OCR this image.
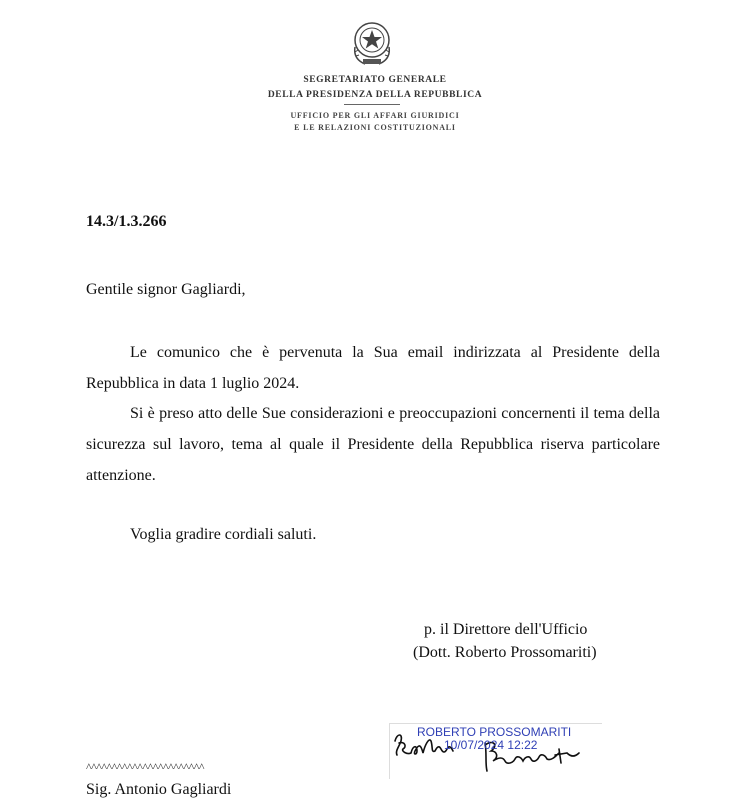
SEGRETARIATO GENERALE
DELLA PRESIDENZA DELLA REPUBBLICA
UFFICIO PER GLI AFFARI GIURIDICI
E LE RELAZIONI COSTITUZIONALI
14.3/1.3.266
Gentile signor Gagliardi,
Le comunico che è pervenuta la Sua email indirizzata al Presidente della Repubblica in data 1 luglio 2024.
Si è preso atto delle Sue considerazioni e preoccupazioni concernenti il tema della sicurezza sul lavoro, tema al quale il Presidente della Repubblica riserva particolare attenzione.
Voglia gradire cordiali saluti.
p. il Direttore dell'Ufficio
(Dott. Roberto Prossomariti)
ROBERTO PROSSOMARITI
10/07/2024 12:22
^^^^^^^^^^^^^^^^^^^^^^^
Sig. Antonio Gagliardi
